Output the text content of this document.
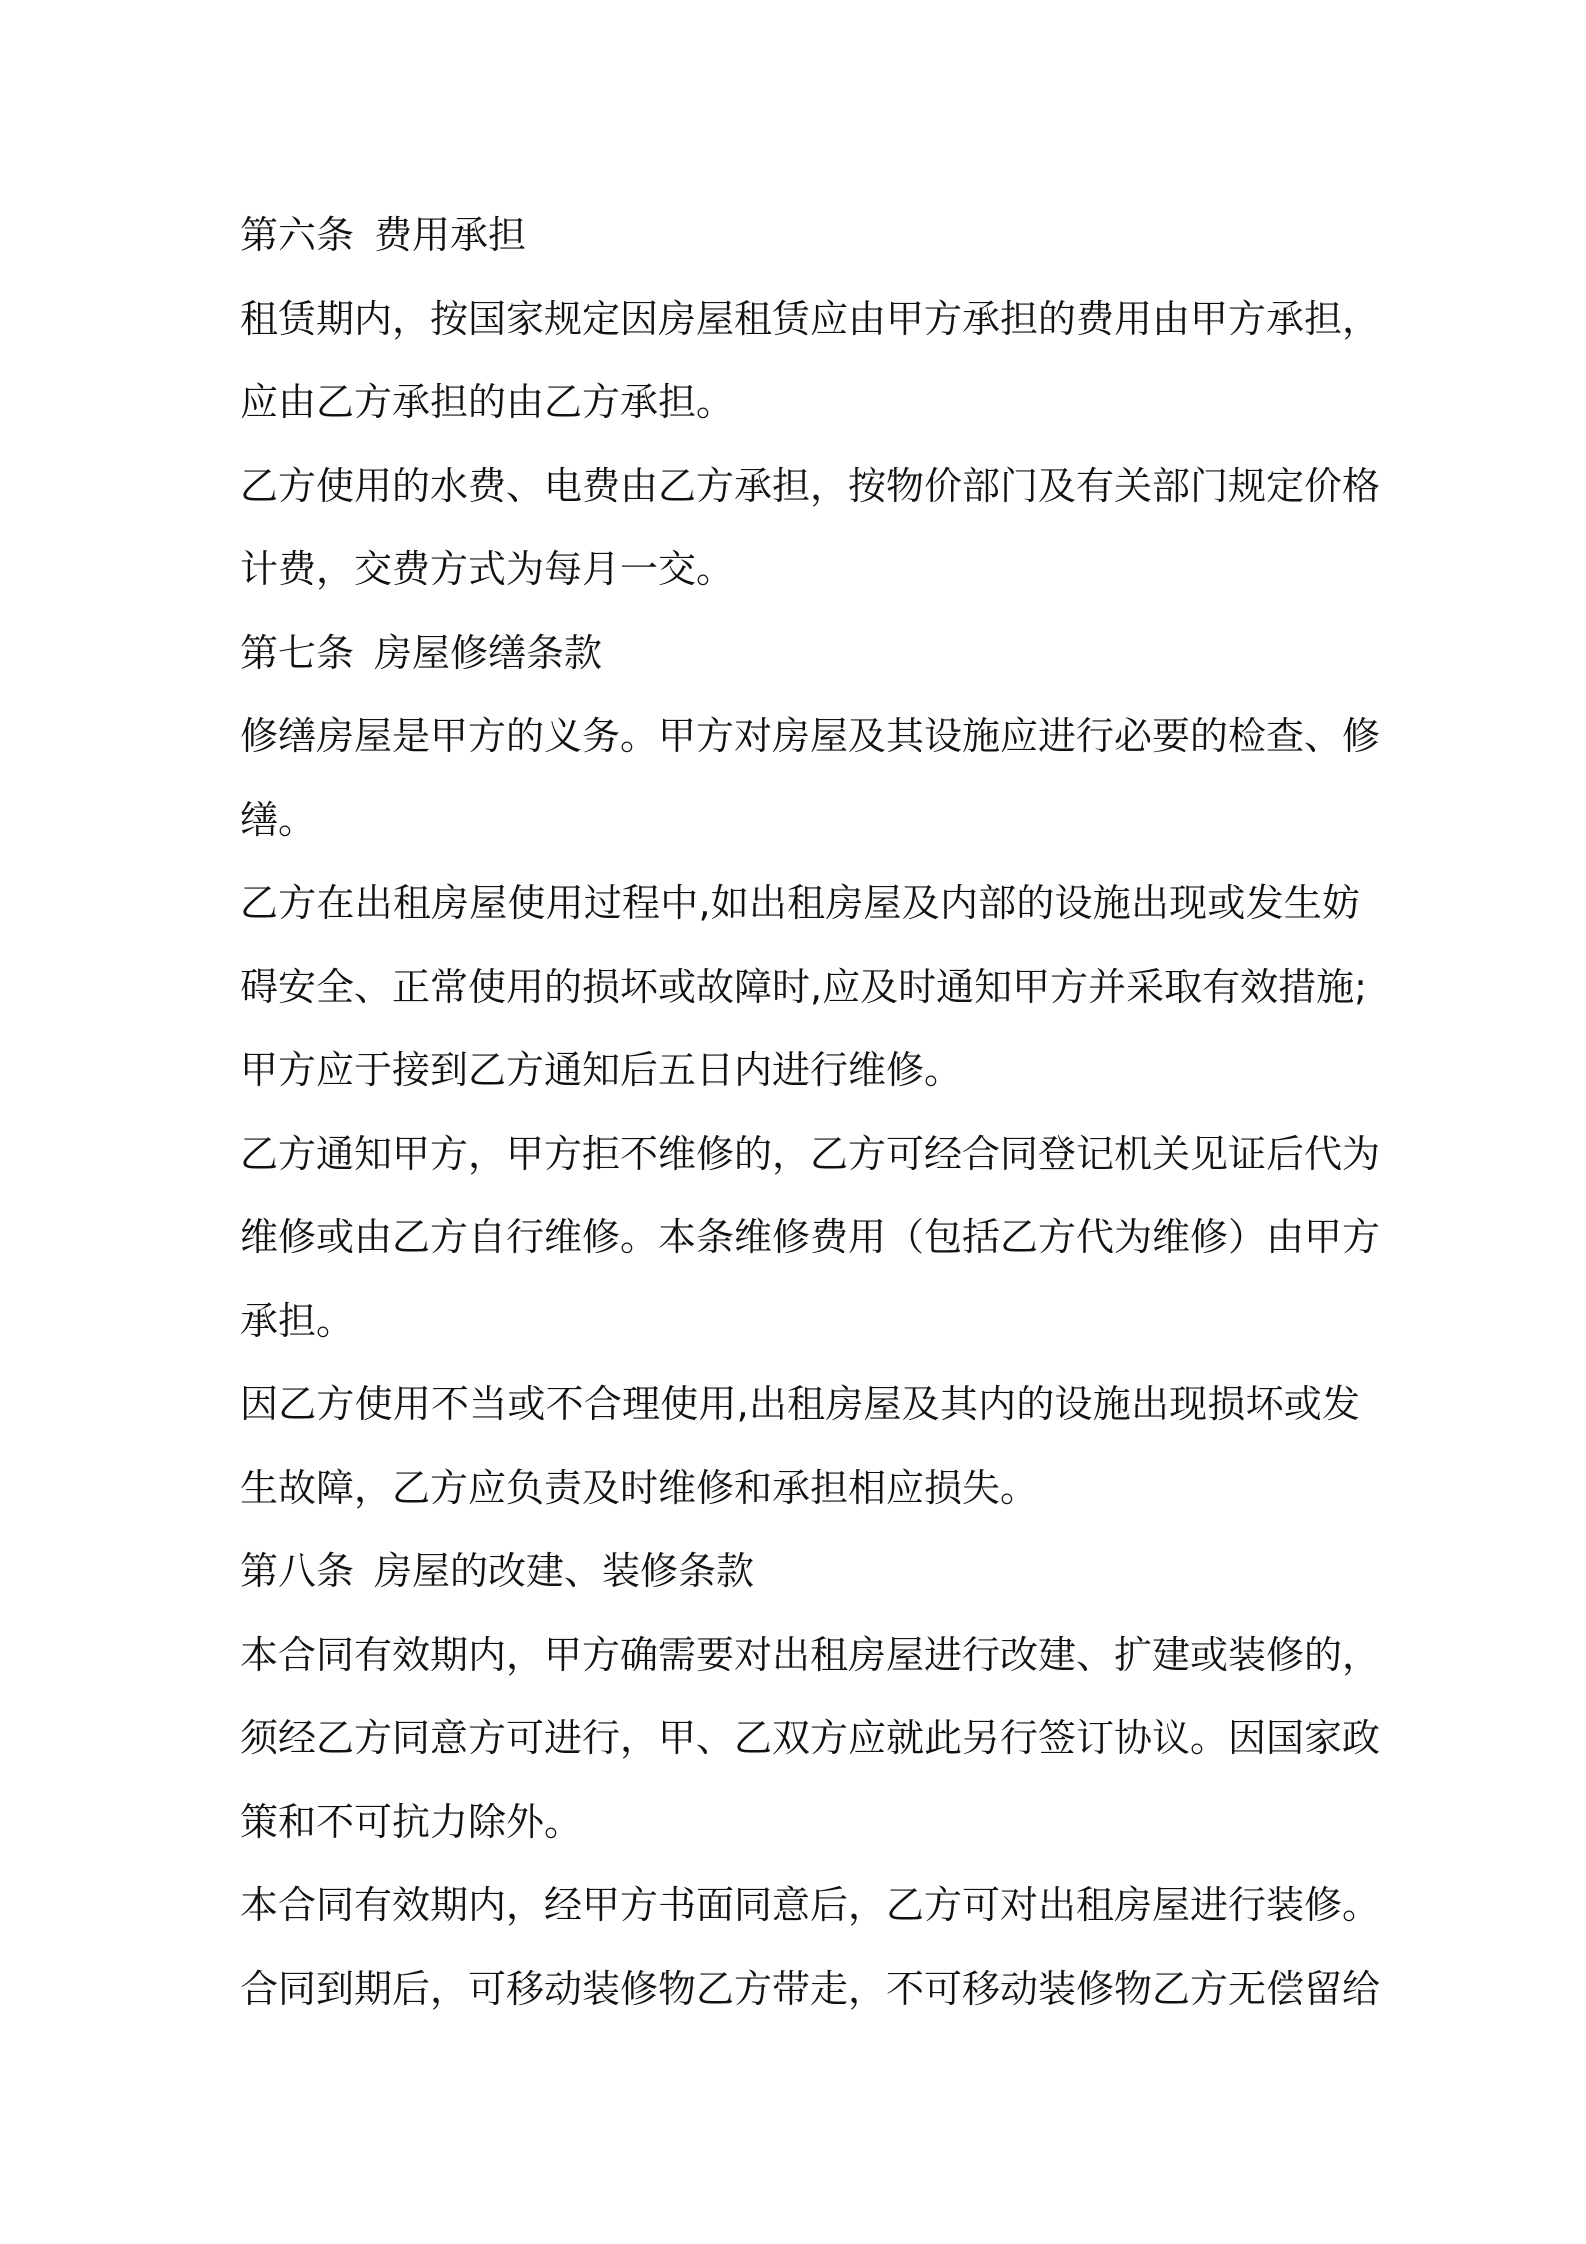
第六条 费用承担
租赁期内，按国家规定因房屋租赁应由甲方承担的费用由甲方承担，
应由乙方承担的由乙方承担。
乙方使用的水费、电费由乙方承担，按物价部门及有关部门规定价格
计费，交费方式为每月一交。
第七条 房屋修缮条款
修缮房屋是甲方的义务。甲方对房屋及其设施应进行必要的检查、修
缮。
乙方在出租房屋使用过程中,如出租房屋及内部的设施出现或发生妨
碍安全、正常使用的损坏或故障时,应及时通知甲方并采取有效措施;
甲方应于接到乙方通知后五日内进行维修。
乙方通知甲方，甲方拒不维修的，乙方可经合同登记机关见证后代为
维修或由乙方自行维修。本条维修费用（包括乙方代为维修）由甲方
承担。
因乙方使用不当或不合理使用,出租房屋及其内的设施出现损坏或发
生故障，乙方应负责及时维修和承担相应损失。
第八条 房屋的改建、装修条款
本合同有效期内，甲方确需要对出租房屋进行改建、扩建或装修的，
须经乙方同意方可进行，甲、乙双方应就此另行签订协议。因国家政
策和不可抗力除外。
本合同有效期内，经甲方书面同意后，乙方可对出租房屋进行装修。
合同到期后，可移动装修物乙方带走，不可移动装修物乙方无偿留给
